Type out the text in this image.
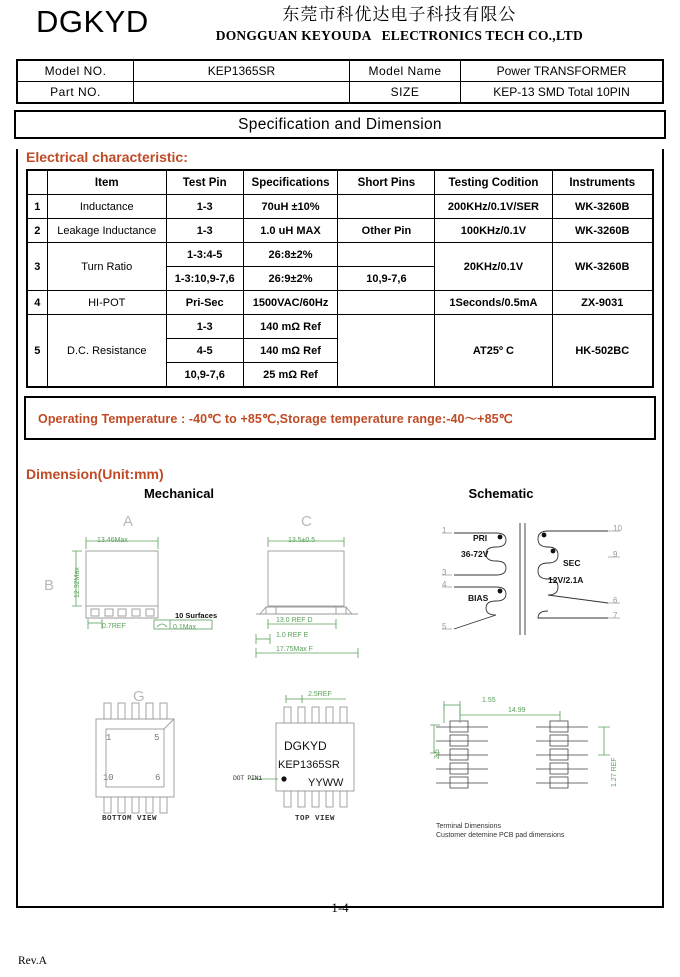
DGKYD	东莞市科优达电子科技有限公
DONGGUAN KEYOUDA   ELECTRONICS TECH CO.,LTD
Model NO.	KEP1365SR	Model Name	Power TRANSFORMER
Part NO.		SIZE	KEP-13 SMD Total 10PIN
Specification and Dimension
Electrical characteristic:
	Item	Test Pin	Specifications	Short Pins	Testing Codition	Instruments
1	Inductance	1-3	70uH ±10%		200KHz/0.1V/SER	WK-3260B
2	Leakage Inductance	1-3	1.0 uH MAX	Other Pin	100KHz/0.1V	WK-3260B
3	Turn Ratio	1-3:4-5	26:8±2%		20KHz/0.1V	WK-3260B
		1-3:10,9-7,6	26:9±2%	10,9-7,6		
4	HI-POT	Pri-Sec	1500VAC/60Hz		1Seconds/0.5mA	ZX-9031
5	D.C. Resistance	1-3	140 mΩ Ref		AT25º C	HK-502BC
		4-5	140 mΩ Ref			
		10,9-7,6	25 mΩ Ref			
Operating Temperature : -40℃ to +85℃,Storage temperature range:-40～+85℃
Dimension(Unit:mm)
Mechanical	Schematic
A
B
13.46Max
12.32Max
0.7REF
10 Surfaces
0.1Max
C
13.5±0.5
13.0 REF D
1.0 REF E
17.75Max F
PRI
36-72V
BIAS
SEC
12V/2.1A
1
3
4
5
10
9
6
7
G
1	5
10	6
BOTTOM VIEW
2.5REF
DGKYD
KEP1365SR
YYWW
DOT PIN1
TOP VIEW
1.55
14.99
2.5
1.27 REF
Terminal Dimensions
Customer detemine PCB pad dimensions
1-4
Rev.A
